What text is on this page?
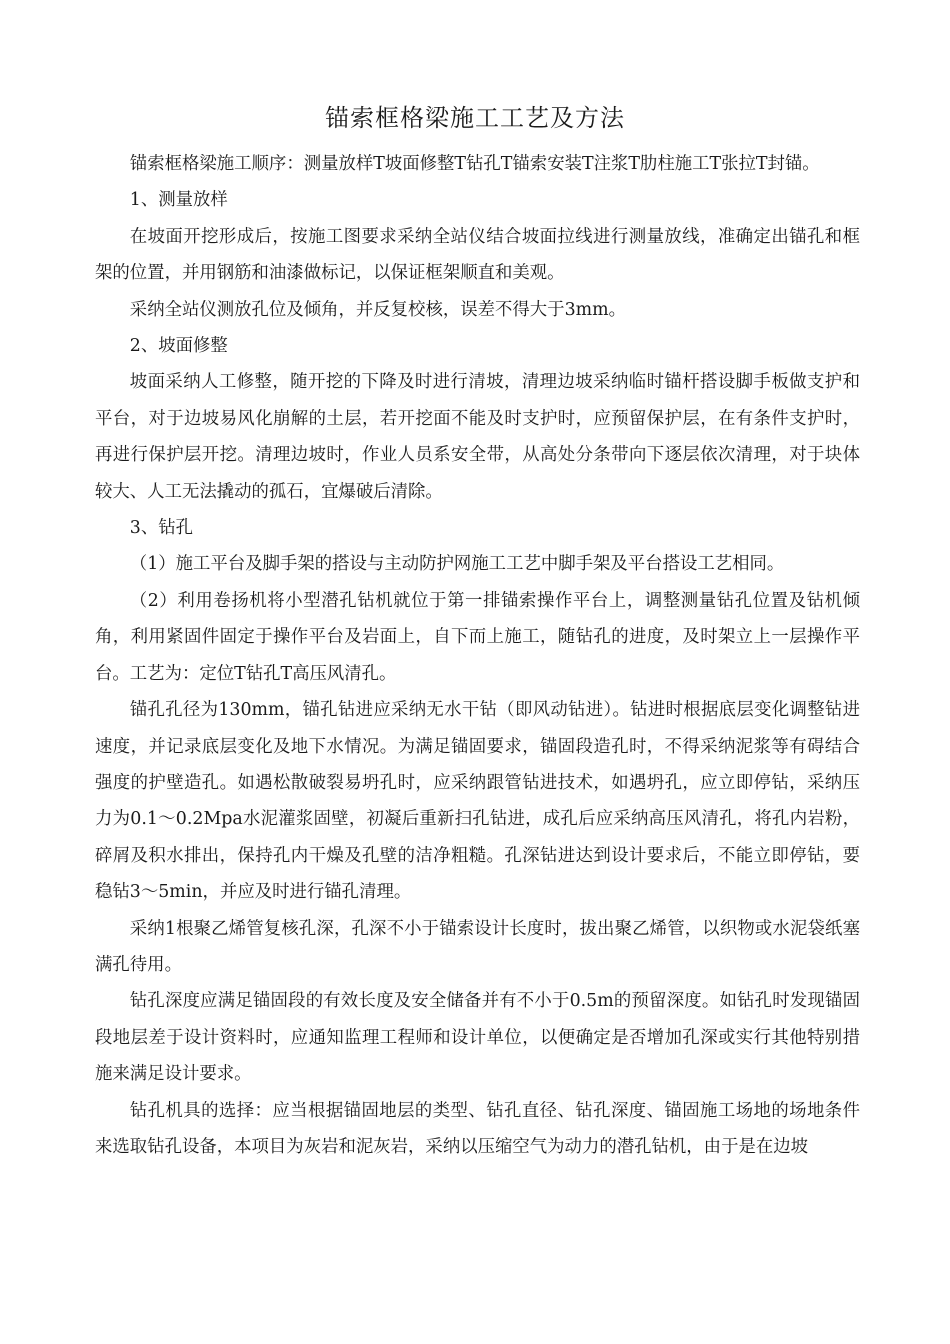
锚索框格梁施工工艺及方法

锚索框格梁施工顺序：测量放样T坡面修整T钻孔T锚索安装T注浆T肋柱施工T张拉T封锚。

1、测量放样

在坡面开挖形成后，按施工图要求采纳全站仪结合坡面拉线进行测量放线，准确定出锚孔和框架的位置，并用钢筋和油漆做标记，以保证框架顺直和美观。

采纳全站仪测放孔位及倾角，并反复校核，误差不得大于3mm。

2、坡面修整

坡面采纳人工修整，随开挖的下降及时进行清坡，清理边坡采纳临时锚杆搭设脚手板做支护和平台，对于边坡易风化崩解的土层，若开挖面不能及时支护时，应预留保护层，在有条件支护时，再进行保护层开挖。清理边坡时，作业人员系安全带，从高处分条带向下逐层依次清理，对于块体较大、人工无法撬动的孤石，宜爆破后清除。

3、钻孔

（1）施工平台及脚手架的搭设与主动防护网施工工艺中脚手架及平台搭设工艺相同。

（2）利用卷扬机将小型潜孔钻机就位于第一排锚索操作平台上，调整测量钻孔位置及钻机倾角，利用紧固件固定于操作平台及岩面上，自下而上施工，随钻孔的进度，及时架立上一层操作平台。工艺为：定位T钻孔T高压风清孔。

锚孔孔径为130mm，锚孔钻进应采纳无水干钻（即风动钻进）。钻进时根据底层变化调整钻进速度，并记录底层变化及地下水情况。为满足锚固要求，锚固段造孔时，不得采纳泥浆等有碍结合强度的护壁造孔。如遇松散破裂易坍孔时，应采纳跟管钻进技术，如遇坍孔，应立即停钻，采纳压力为0.1〜0.2Mpa水泥灌浆固壁，初凝后重新扫孔钻进，成孔后应采纳高压风清孔，将孔内岩粉，碎屑及积水排出，保持孔内干燥及孔壁的洁净粗糙。孔深钻进达到设计要求后，不能立即停钻，要稳钻3〜5min，并应及时进行锚孔清理。

采纳1根聚乙烯管复核孔深，孔深不小于锚索设计长度时，拔出聚乙烯管，以织物或水泥袋纸塞满孔待用。

钻孔深度应满足锚固段的有效长度及安全储备并有不小于0.5m的预留深度。如钻孔时发现锚固段地层差于设计资料时，应通知监理工程师和设计单位，以便确定是否增加孔深或实行其他特别措施来满足设计要求。

钻孔机具的选择：应当根据锚固地层的类型、钻孔直径、钻孔深度、锚固施工场地的场地条件来选取钻孔设备，本项目为灰岩和泥灰岩，采纳以压缩空气为动力的潜孔钻机，由于是在边坡
